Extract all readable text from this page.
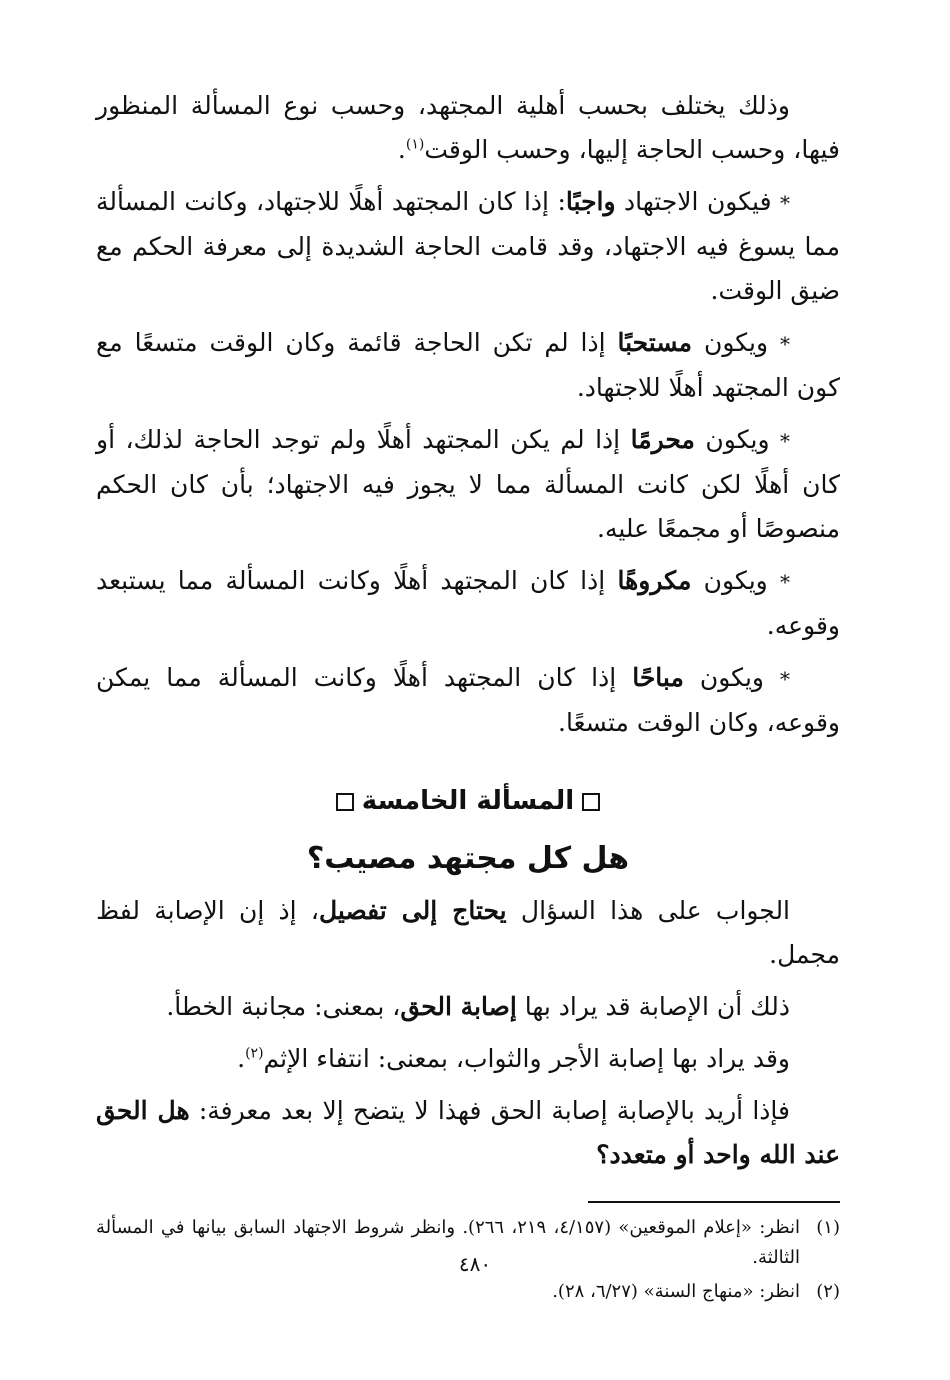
وذلك يختلف بحسب أهلية المجتهد، وحسب نوع المسألة المنظور فيها، وحسب الحاجة إليها، وحسب الوقت$^{(١)}$.

* فيكون الاجتهاد واجبًا: إذا كان المجتهد أهلًا للاجتهاد، وكانت المسألة مما يسوغ فيه الاجتهاد، وقد قامت الحاجة الشديدة إلى معرفة الحكم مع ضيق الوقت.

* ويكون مستحبًا إذا لم تكن الحاجة قائمة وكان الوقت متسعًا مع كون المجتهد أهلًا للاجتهاد.

* ويكون محرمًا إذا لم يكن المجتهد أهلًا ولم توجد الحاجة لذلك، أو كان أهلًا لكن كانت المسألة مما لا يجوز فيه الاجتهاد؛ بأن كان الحكم منصوصًا أو مجمعًا عليه.

* ويكون مكروهًا إذا كان المجتهد أهلًا وكانت المسألة مما يستبعد وقوعه.

* ويكون مباحًا إذا كان المجتهد أهلًا وكانت المسألة مما يمكن وقوعه، وكان الوقت متسعًا.

المسألة الخامسة
هل كل مجتهد مصيب؟

الجواب على هذا السؤال يحتاج إلى تفصيل، إذ إن الإصابة لفظ مجمل.

ذلك أن الإصابة قد يراد بها إصابة الحق، بمعنى: مجانبة الخطأ.

وقد يراد بها إصابة الأجر والثواب، بمعنى: انتفاء الإثم$^{(٢)}$.

فإذا أريد بالإصابة إصابة الحق فهذا لا يتضح إلا بعد معرفة: هل الحق عند الله واحد أو متعدد؟

(١)
انظر: «إعلام الموقعين» (٤/١٥٧، ٢١٩، ٢٦٦). وانظر شروط الاجتهاد السابق بيانها في المسألة الثالثة.

(٢)
انظر: «منهاج السنة» (٦/٢٧، ٢٨).

٤٨٠
